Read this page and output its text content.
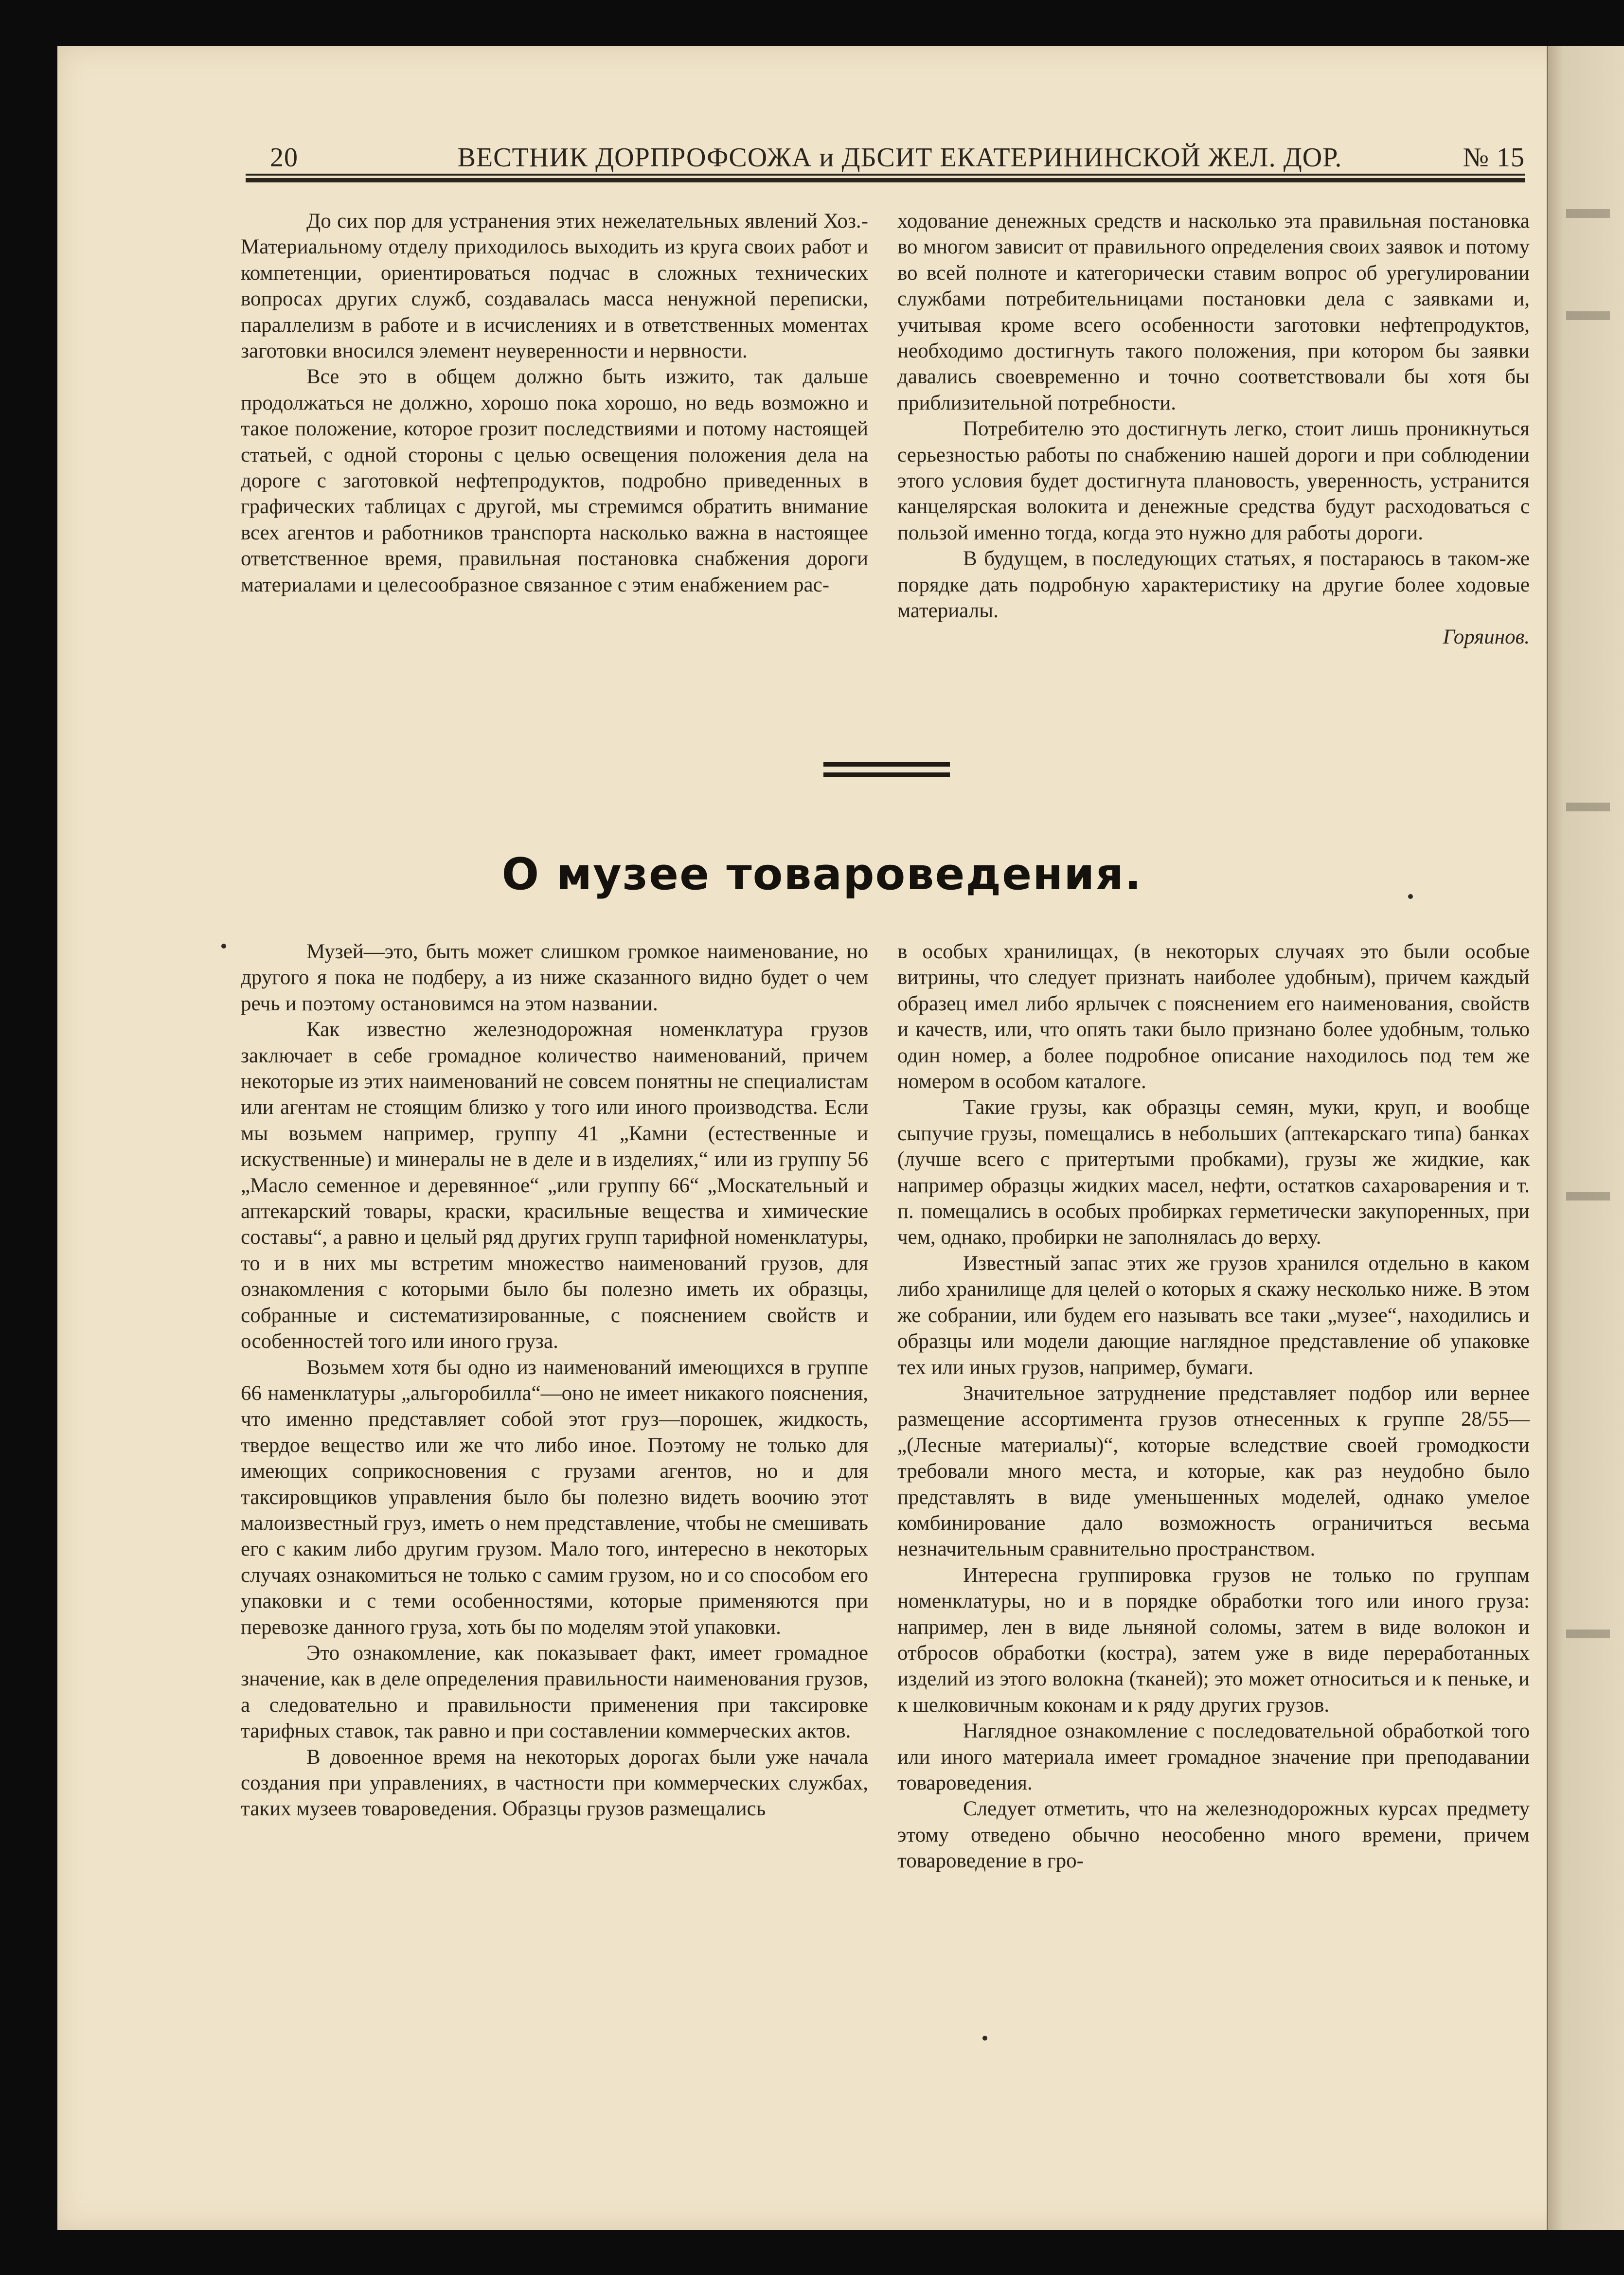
20	ВЕСТНИК ДОРПРОФСОЖА и ДБСИТ ЕКАТЕРИНИНСКОЙ ЖЕЛ. ДОР.	№ 15

До сих пор для устранения этих нежелательных явлений Хоз.-Материальному отделу приходилось выходить из круга своих работ и компетенции, ориентироваться подчас в сложных технических вопросах других служб, создавалась масса ненужной переписки, параллелизм в работе и в исчислениях и в ответственных моментах заготовки вносился элемент неуверенности и нервности.

Все это в общем должно быть изжито, так дальше продолжаться не должно, хорошо пока хорошо, но ведь возможно и такое положение, которое грозит последствиями и потому настоящей статьей, с одной стороны с целью освещения положения дела на дороге с заготовкой нефтепродуктов, подробно приведенных в графических таблицах с другой, мы стремимся обратить внимание всех агентов и работников транспорта насколько важна в настоящее ответственное время, правильная постановка снабжения дороги материалами и целесообразное связанное с этим енабжением рас-

ходование денежных средств и насколько эта правильная постановка во многом зависит от правильного определения своих заявок и потому во всей полноте и категорически ставим вопрос об урегулировании службами потребительницами постановки дела с заявками и, учитывая кроме всего особенности заготовки нефтепродуктов, необходимо достигнуть такого положения, при котором бы заявки давались своевременно и точно соответствовали бы хотя бы приблизительной потребности.

Потребителю это достигнуть легко, стоит лишь проникнуться серьезностью работы по снабжению нашей дороги и при соблюдении этого условия будет достигнута плановость, уверенность, устранится канцелярская волокита и денежные средства будут расходоваться с пользой именно тогда, когда это нужно для работы дороги.

В будущем, в последующих статьях, я постараюсь в таком-же порядке дать подробную характеристику на другие более ходовые материалы.

Горяинов.

О музее товароведения.

Музей—это, быть может слишком громкое наименование, но другого я пока не подберу, а из ниже сказанного видно будет о чем речь и поэтому остановимся на этом названии.

Как известно железнодорожная номенклатура грузов заключает в себе громадное количество наименований, причем некоторые из этих наименований не совсем понятны не специалистам или агентам не стоящим близко у того или иного производства. Если мы возьмем например, группу 41 „Камни (естественные и искуственные) и минералы не в деле и в изделиях,“ или из группу 56 „Масло семенное и деревянное“ „или группу 66“ „Москательный и аптекарский товары, краски, красильные вещества и химические составы“, а равно и целый ряд других групп тарифной номенклатуры, то и в них мы встретим множество наименований грузов, для ознакомления с которыми было бы полезно иметь их образцы, собранные и систематизированные, с пояснением свойств и особенностей того или иного груза.

Возьмем хотя бы одно из наименований имеющихся в группе 66 наменклатуры „альгоробилла“—оно не имеет никакого пояснения, что именно представляет собой этот груз—порошек, жидкость, твердое вещество или же что либо иное. Поэтому не только для имеющих соприкосновения с грузами агентов, но и для таксировщиков управления было бы полезно видеть воочию этот малоизвестный груз, иметь о нем представление, чтобы не смешивать его с каким либо другим грузом. Мало того, интересно в некоторых случаях ознакомиться не только с самим грузом, но и со способом его упаковки и с теми особенностями, которые применяются при перевозке данного груза, хоть бы по моделям этой упаковки.

Это ознакомление, как показывает факт, имеет громадное значение, как в деле определения правильности наименования грузов, а следовательно и правильности применения при таксировке тарифных ставок, так равно и при составлении коммерческих актов.

В довоенное время на некоторых дорогах были уже начала создания при управлениях, в частности при коммерческих службах, таких музеев товароведения. Образцы грузов размещались

в особых хранилищах, (в некоторых случаях это были особые витрины, что следует признать наиболее удобным), причем каждый образец имел либо ярлычек с пояснением его наименования, свойств и качеств, или, что опять таки было признано более удобным, только один номер, а более подробное описание находилось под тем же номером в особом каталоге.

Такие грузы, как образцы семян, муки, круп, и вообще сыпучие грузы, помещались в небольших (аптекарскаго типа) банках (лучше всего с притертыми пробками), грузы же жидкие, как например образцы жидких масел, нефти, остатков сахароварения и т. п. помещались в особых пробирках герметически закупоренных, при чем, однако, пробирки не заполнялась до верху.

Известный запас этих же грузов хранился отдельно в каком либо хранилище для целей о которых я скажу несколько ниже. В этом же собрании, или будем его называть все таки „музее“, находились и образцы или модели дающие наглядное представление об упаковке тех или иных грузов, например, бумаги.

Значительное затруднение представляет подбор или вернее размещение ассортимента грузов отнесенных к группе 28/55— „(Лесные материалы)“, которые вследствие своей громодкости требовали много места, и которые, как раз неудобно было представлять в виде уменьшенных моделей, однако умелое комбинирование дало возможность ограничиться весьма незначительным сравнительно пространством.

Интересна группировка грузов не только по группам номенклатуры, но и в порядке обработки того или иного груза: например, лен в виде льняной соломы, затем в виде волокон и отбросов обработки (костра), затем уже в виде переработанных изделий из этого волокна (тканей); это может относиться и к пеньке, и к шелковичным коконам и к ряду других грузов.

Наглядное ознакомление с последовательной обработкой того или иного материала имеет громадное значение при преподавании товароведения.

Следует отметить, что на железнодорожных курсах предмету этому отведено обычно неособенно много времени, причем товароведение в гро-
